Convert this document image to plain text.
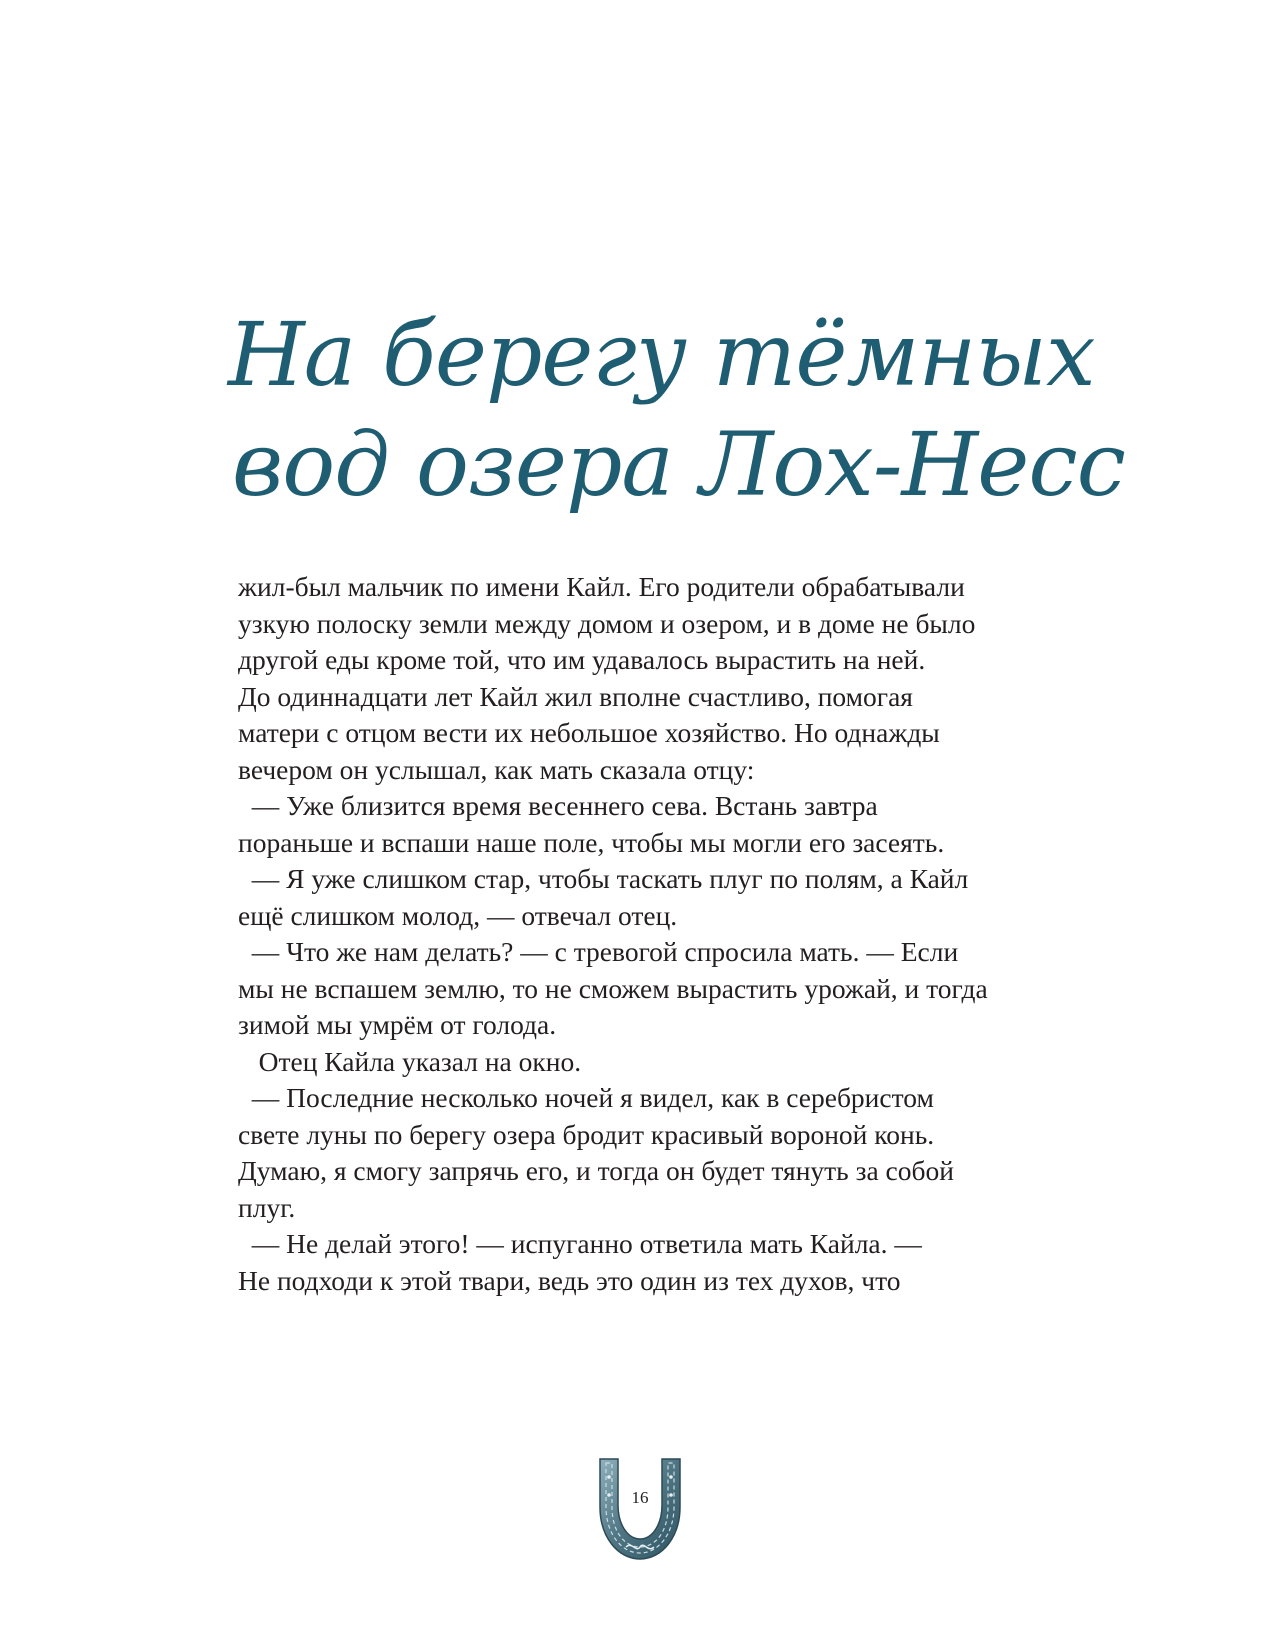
На берегу тёмных
вод озера Лох-Несс
жил-был мальчик по имени Кайл. Его родители обрабатывали
узкую полоску земли между домом и озером, и в доме не было
другой еды кроме той, что им удавалось вырастить на ней.
До одиннадцати лет Кайл жил вполне счастливо, помогая
матери с отцом вести их небольшое хозяйство. Но однажды
вечером он услышал, как мать сказала отцу:
— Уже близится время весеннего сева. Встань завтра
пораньше и вспаши наше поле, чтобы мы могли его засеять.
— Я уже слишком стар, чтобы таскать плуг по полям, а Кайл
ещё слишком молод, — отвечал отец.
— Что же нам делать? — с тревогой спросила мать. — Если
мы не вспашем землю, то не сможем вырастить урожай, и тогда
зимой мы умрём от голода.
Отец Кайла указал на окно.
— Последние несколько ночей я видел, как в серебристом
свете луны по берегу озера бродит красивый вороной конь.
Думаю, я смогу запрячь его, и тогда он будет тянуть за собой
плуг.
— Не делай этого! — испуганно ответила мать Кайла. —
Не подходи к этой твари, ведь это один из тех духов, что
16
